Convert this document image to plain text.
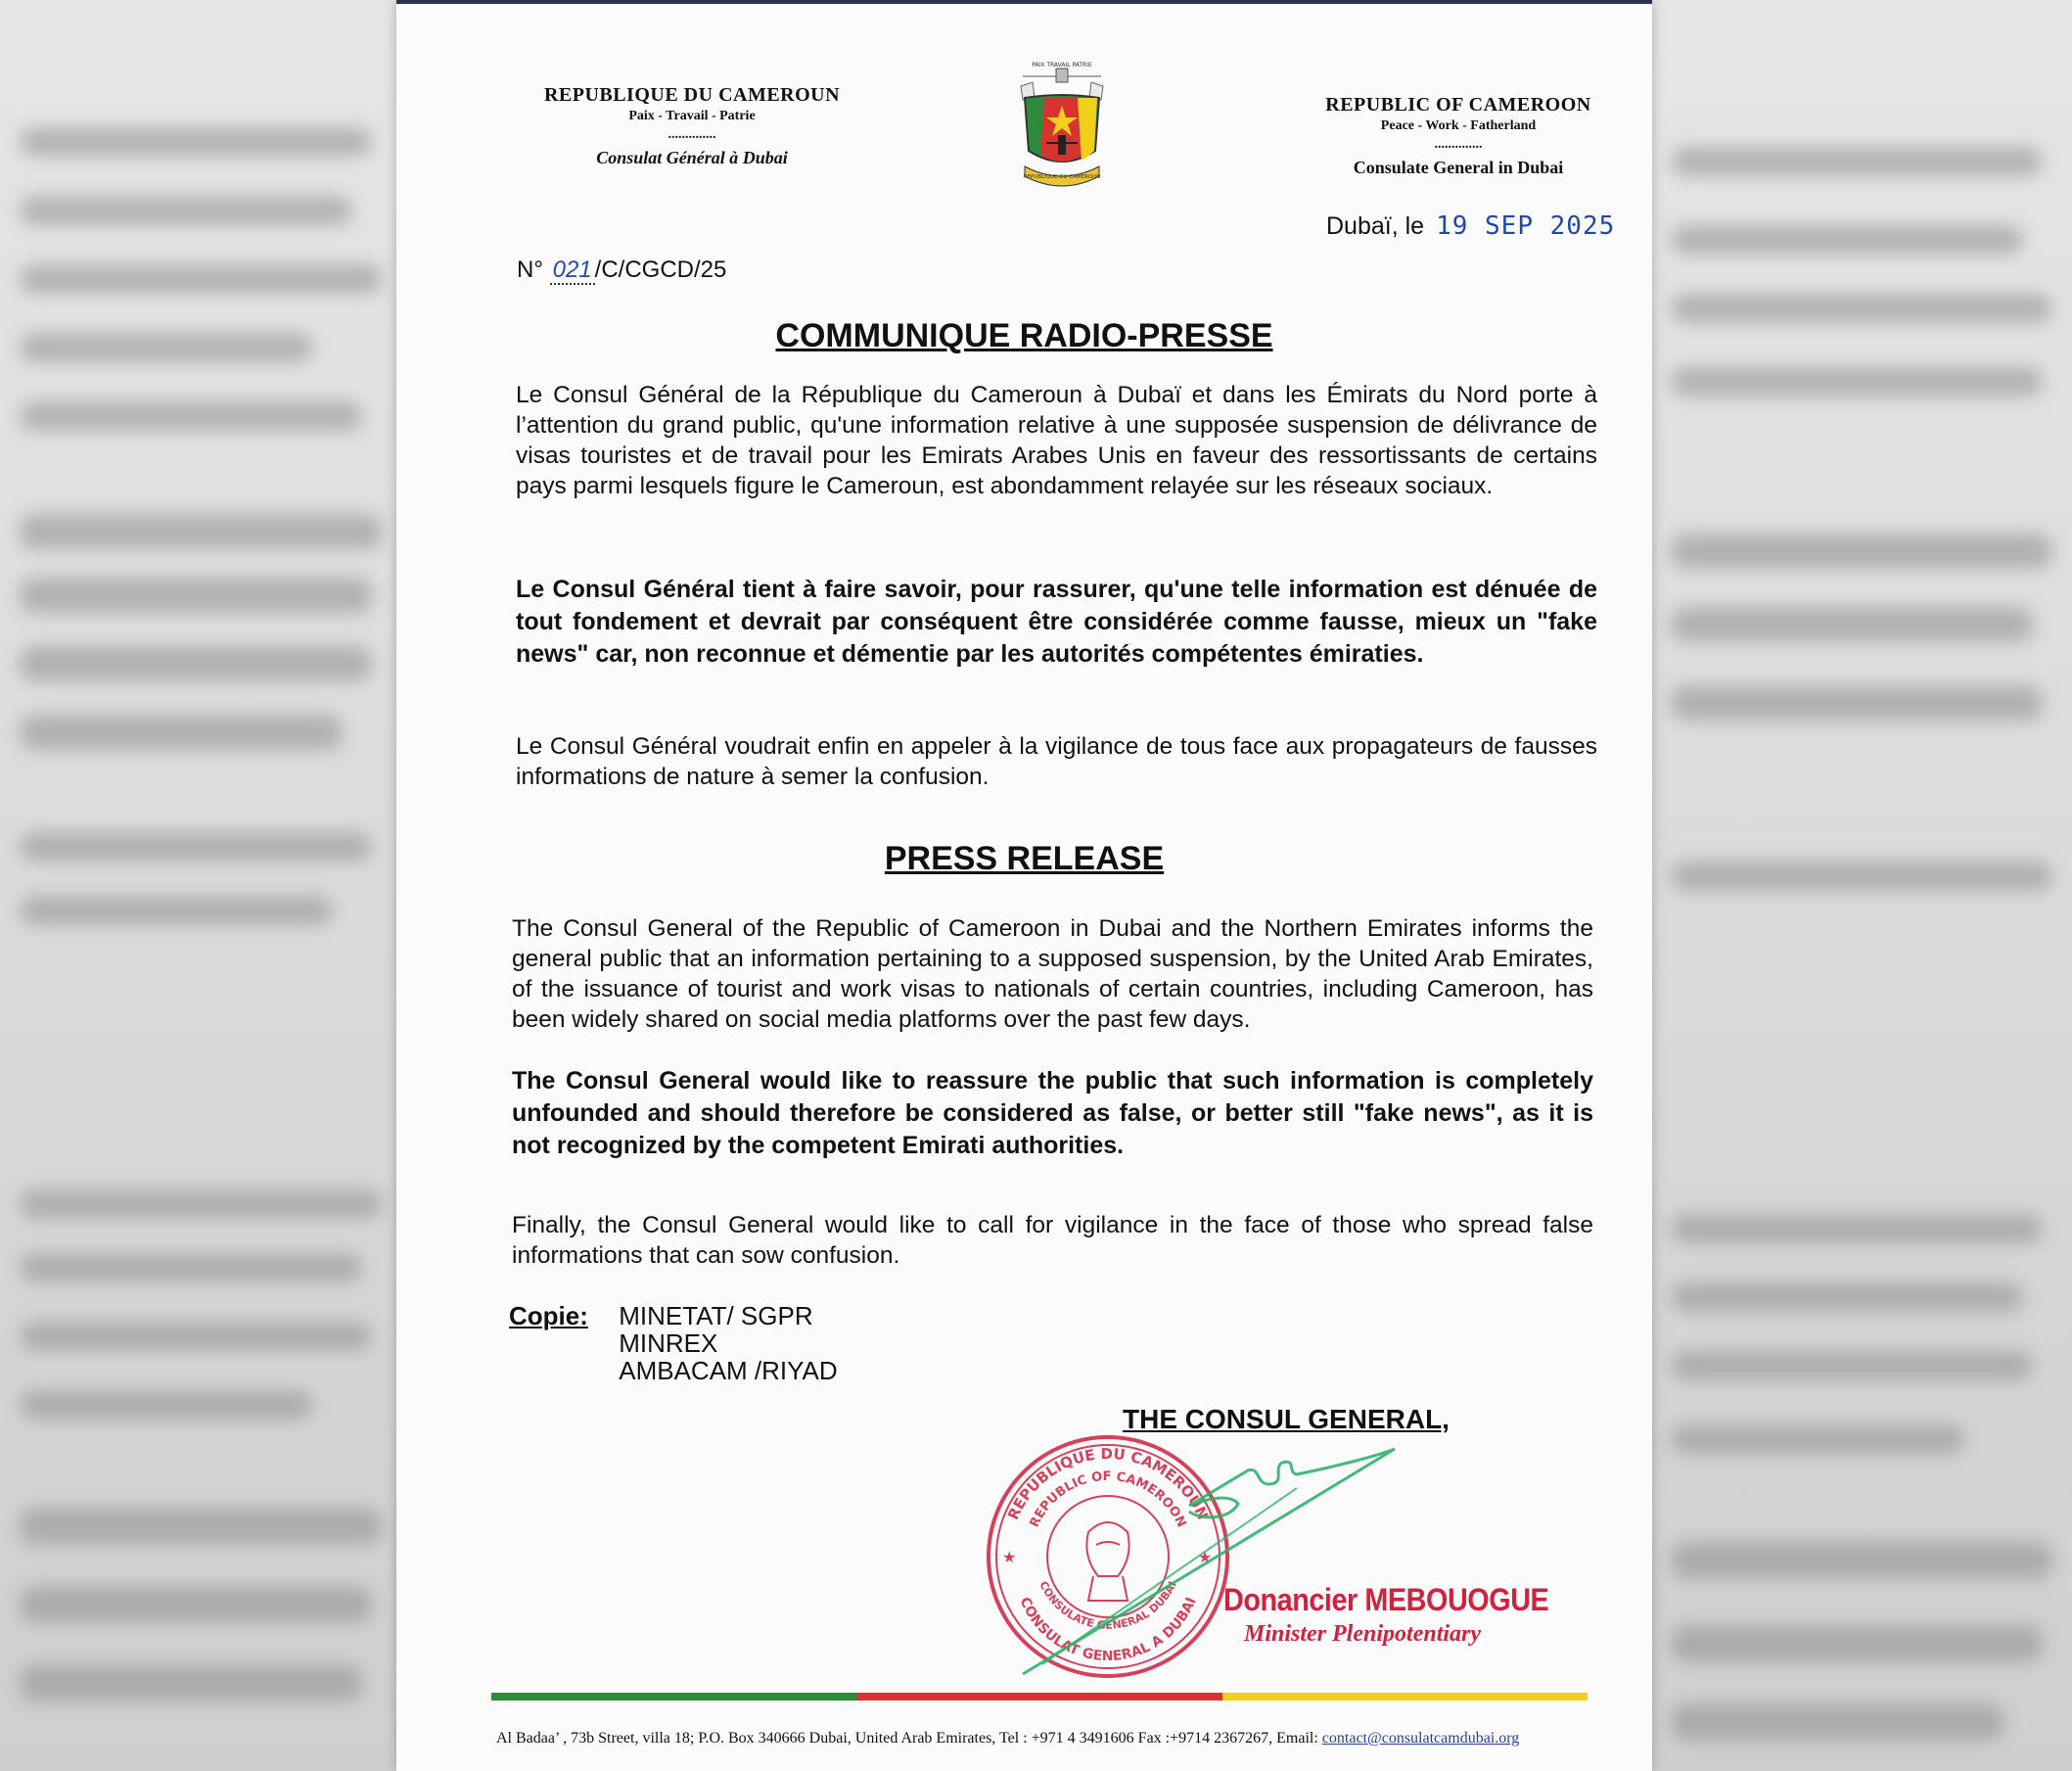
REPUBLIQUE DU CAMEROUN
Paix - Travail - Patrie
..............
Consulat Général à Dubai
PAIX TRAVAIL PATRIE
REPUBLIQUE DU CAMEROUN
REPUBLIC OF CAMEROON
Peace - Work - Fatherland
..............
Consulate General in Dubai
Dubaï, le 19 SEP 2025
N° 021 /C/CGCD/25
COMMUNIQUE RADIO-PRESSE
Le Consul Général de la République du Cameroun à Dubaï et dans les Émirats du Nord porte à l’attention du grand public, qu'une information relative à une supposée suspension de délivrance de visas touristes et de travail pour les Emirats Arabes Unis en faveur des ressortissants de certains pays parmi lesquels figure le Cameroun, est abondamment relayée sur les réseaux sociaux.
Le Consul Général tient à faire savoir, pour rassurer, qu'une telle information est dénuée de tout fondement et devrait par conséquent être considérée comme fausse, mieux un "fake news" car, non reconnue et démentie par les autorités compétentes émiraties.
Le Consul Général voudrait enfin en appeler à la vigilance de tous face aux propagateurs de fausses informations de nature à semer la confusion.
PRESS RELEASE
The Consul General of the Republic of Cameroon in Dubai and the Northern Emirates informs the general public that an information pertaining to a supposed suspension, by the United Arab Emirates, of the issuance of tourist and work visas to nationals of certain countries, including Cameroon, has been widely shared on social media platforms over the past few days.
The Consul General would like to reassure the public that such information is completely unfounded and should therefore be considered as false, or better still "fake news", as it is not recognized by the competent Emirati authorities.
Finally, the Consul General would like to call for vigilance in the face of those who spread false informations that can sow confusion.
Copie: MINETAT/ SGPR
MINREX
AMBACAM /RIYAD
THE CONSUL GENERAL,
REPUBLIQUE DU CAMEROUN
REPUBLIC OF CAMEROON
CONSULAT GENERAL A DUBAI
CONSULATE GENERAL DUBAI
★	★
Donancier MEBOUOGUE
Minister Plenipotentiary
Al Badaa’ , 73b Street, villa 18; P.O. Box 340666 Dubai, United Arab Emirates, Tel : +971 4 3491606 Fax :+9714 2367267, Email: contact@consulatcamdubai.org
